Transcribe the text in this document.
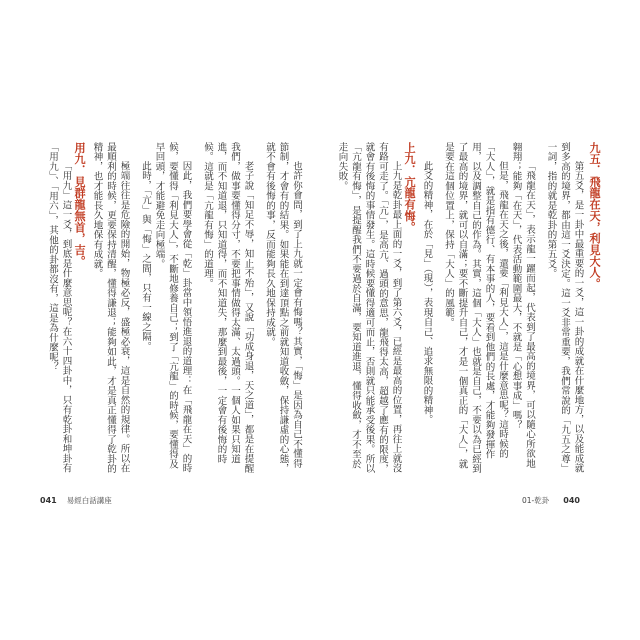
也許你會問，到了上九就一定會有悔嗎？其實，「悔」是因為自己不懂得節制，才會有的結果。如果能在到達頂點之前就知道收斂，保持謙虛的心態，就不會有後悔的事，反而能夠長久地保持成就。

老子說「知足不辱，知止不殆」，又說「功成身退，天之道」，都是在提醒我們，做事要懂得分寸，不要把事情做得太滿、太過頭。一個人如果只知道進，而不知道退，只知道得，而不知道失，那麼到最後，一定會有後悔的時候。這就是「亢龍有悔」的道理。

因此，我們要學會從「乾」卦當中領悟進退的道理：在「飛龍在天」的時候，要懂得「利見大人」，不斷地修養自己；到了「亢龍」的時候，要懂得及早回頭，才能避免走向極端。

此時，「亢」與「悔」之間，只有一線之隔。

極端往往是危險的開始，物極必反，盛極必衰，這是自然的規律。所以在最順利的時候，更要保持清醒，懂得謙退；能夠如此，才是真正懂得了乾卦的精神，也才能長久地保有成就。

用九．見群龍無首，吉。

「用九」這一爻，到底是什麼意思呢？在六十四卦中，只有乾卦和坤卦有「用九」、「用六」，其他的卦都沒有，這是為什麼呢？

041 易經白話講座
九五．飛龍在天，利見大人。

第五爻，是一卦中最重要的一爻，這一卦的成就在什麼地方，以及能成就到多高的境界，都由這一爻決定。這一爻非常重要，我們常說的「九五之尊」一詞，指的就是乾卦的第五爻。

「飛龍在天」，表示龍一躍而起，代表到了最高的境界，可以隨心所欲地翱翔；能夠「在天」，代表活動範圍最大，不就是「心想事成」嗎？

但是，飛龍在天之後，還要「利見大人」，這是什麼意思呢？這時候的「大人」，就是指有德行、有本事的人，要看到他們的長處，才能夠發揮作用，以及調整自己的作為。其實，這個「大人」也就是自己，不要以為已經到了最高的境界，就可以自滿；要不斷提升自己，才是一個真正的「大人」，就是要在這個位置上，保持「大人」的風範。

此爻的精神，在於「見」（現），表現自己、追求無限的精神。

上九．亢龍有悔。

上九是乾卦最上面的一爻，到了第六爻，已經是最高的位置，再往上就沒有路可走了。「亢」，是高亢、過頭的意思，龍飛得太高，超越了應有的限度，就會有後悔的事情發生。這時候要懂得適可而止，否則就只能承受後果。所以「亢龍有悔」，是提醒我們不要過於自滿，要知道進退，懂得收斂，才不至於走向失敗。

01-乾卦 040
